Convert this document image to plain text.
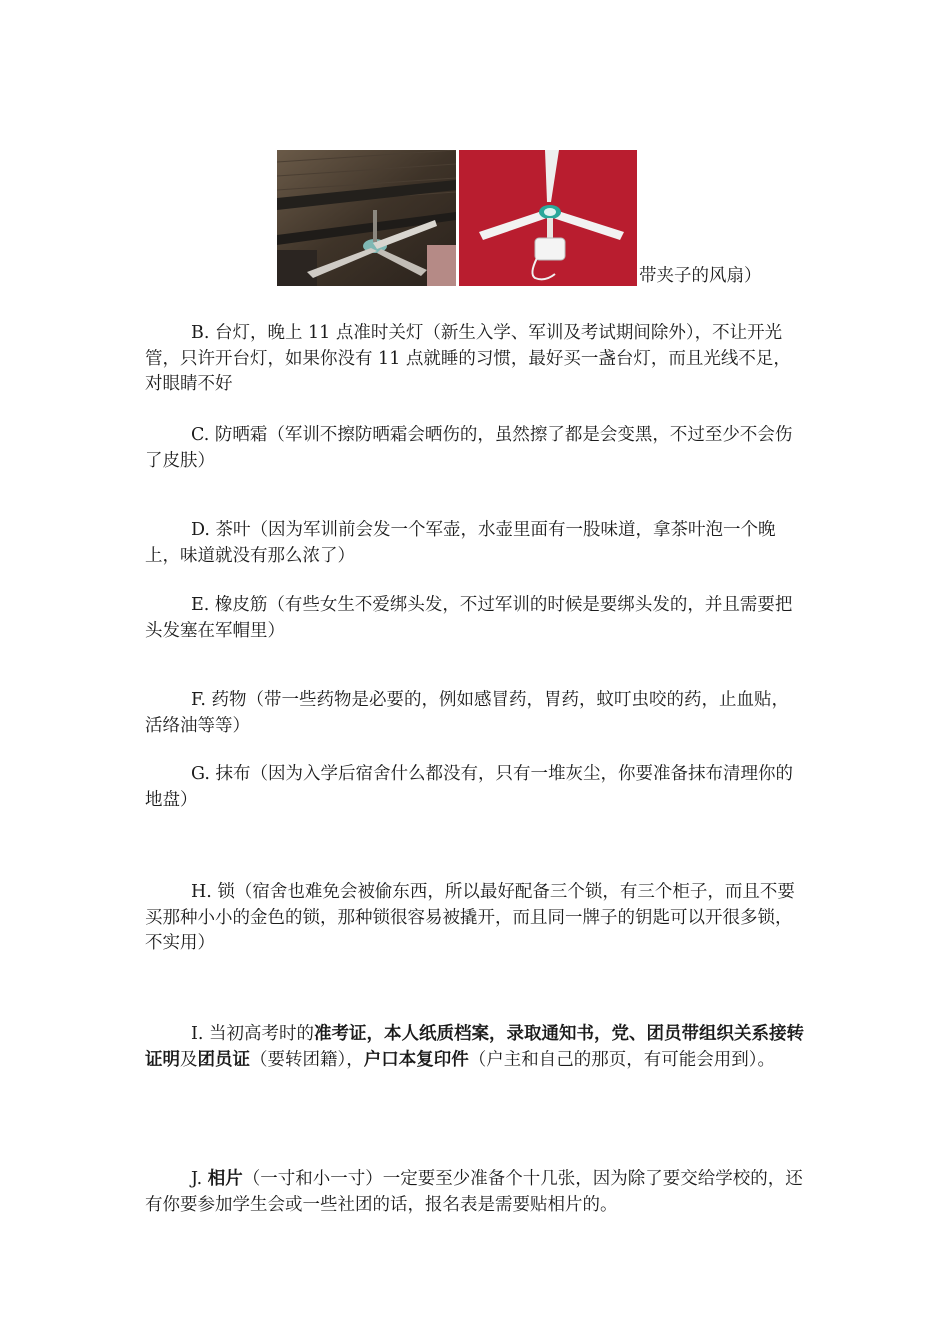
带夹子的风扇）

B. 台灯，晚上 11 点准时关灯（新生入学、军训及考试期间除外），不让开光管，只许开台灯，如果你没有 11 点就睡的习惯，最好买一盏台灯，而且光线不足，对眼睛不好

C. 防晒霜（军训不擦防晒霜会晒伤的，虽然擦了都是会变黑，不过至少不会伤了皮肤）

D. 茶叶（因为军训前会发一个军壶，水壶里面有一股味道，拿茶叶泡一个晚上，味道就没有那么浓了）

E. 橡皮筋（有些女生不爱绑头发，不过军训的时候是要绑头发的，并且需要把头发塞在军帽里）

F. 药物（带一些药物是必要的，例如感冒药，胃药，蚊叮虫咬的药，止血贴，活络油等等）

G. 抹布（因为入学后宿舍什么都没有，只有一堆灰尘，你要准备抹布清理你的地盘）

H. 锁（宿舍也难免会被偷东西，所以最好配备三个锁，有三个柜子，而且不要买那种小小的金色的锁，那种锁很容易被撬开，而且同一牌子的钥匙可以开很多锁，不实用）

I. 当初高考时的准考证，本人纸质档案，录取通知书，党、团员带组织关系接转证明及团员证（要转团籍），户口本复印件（户主和自己的那页，有可能会用到）。

J. 相片（一寸和小一寸）一定要至少准备个十几张，因为除了要交给学校的，还有你要参加学生会或一些社团的话，报名表是需要贴相片的。
